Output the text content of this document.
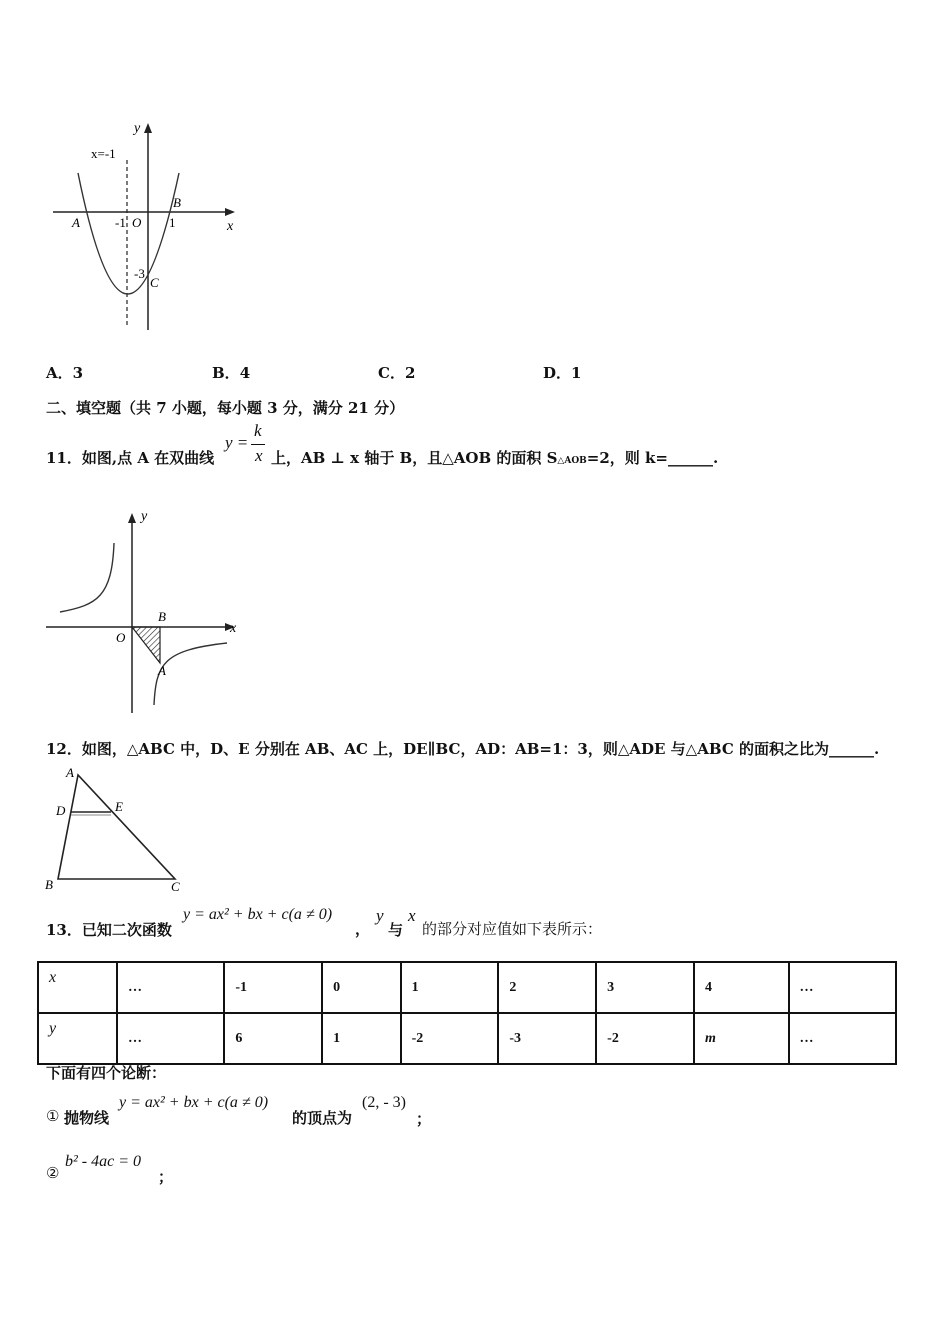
y
x=-1
A	-1 O 1
B
x
-3
C
A．3	B．4	C．2	D．1
二、填空题（共 7 小题，每小题 3 分，满分 21 分）
11．如图,点 A 在双曲线
y =
k
x 上，AB ⊥ x 轴于 B，且△AOB 的面积 S△AOB=2，则 k=______.
y
O
B
x
A
12．如图，△ABC 中，D、E 分别在 AB、AC 上，DE∥BC，AD：AB=1：3，则△ADE 与△ABC 的面积之比为______.
A
D	E
B	C
13．已知二次函数
y = ax² + bx + c(a ≠ 0)
，
y
与
x
的部分对应值如下表所示：
x	…	-1	0	1	2	3	4	…
y	…	6	1	-2	-3	-2	m	…
下面有四个论断：
① 抛物线
y = ax² + bx + c(a ≠ 0)
的顶点为
(2, - 3)
；
②
b² - 4ac = 0
；
